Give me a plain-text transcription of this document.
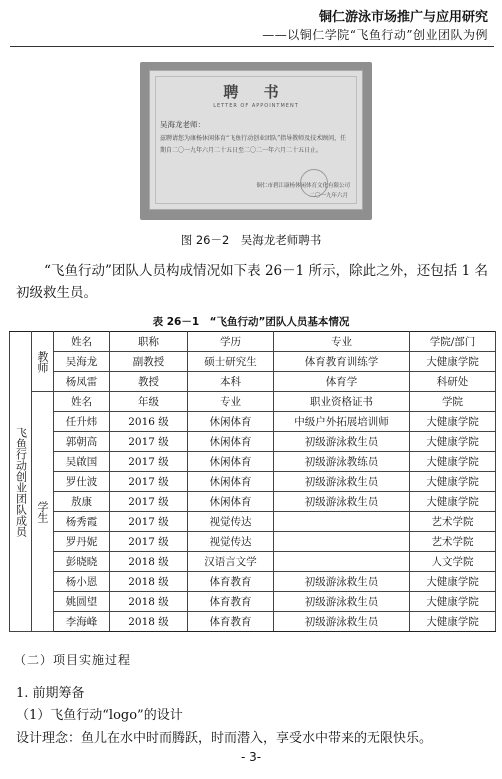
铜仁游泳市场推广与应用研究
——以铜仁学院“飞鱼行动”创业团队为例
聘 书
LETTER OF APPOINTMENT
吴海龙老师：
兹聘请您为康杨休闲体育“飞鱼行动创业团队”指导教师及技术顾问，任期自二〇一九年六月二十五日至二〇二一年六月二十五日止。
铜仁市碧江康杨休闲体育文化有限公司
二〇一九年六月
图 26－2　吴海龙老师聘书
“飞鱼行动”团队人员构成情况如下表 26－1 所示，除此之外，还包括 1 名初级救生员。
表 26－1　“飞鱼行动”团队人员基本情况
飞鱼行动创业团队成员	教师	姓名	职称	学历	专业	学院/部门
		吴海龙	副教授	硕士研究生	体育教育训练学	大健康学院
		杨凤雷	教授	本科	体育学	科研处
	学生	姓名	年级	专业	职业资格证书	学院
		任升炜	2016 级	休闲体育	中级户外拓展培训师	大健康学院
		郭朝高	2017 级	休闲体育	初级游泳救生员	大健康学院
		吴啟国	2017 级	休闲体育	初级游泳教练员	大健康学院
		罗仕波	2017 级	休闲体育	初级游泳救生员	大健康学院
		敖康	2017 级	休闲体育	初级游泳救生员	大健康学院
		杨秀霞	2017 级	视觉传达		艺术学院
		罗丹妮	2017 级	视觉传达		艺术学院
		彭晓晓	2018 级	汉语言文学		人文学院
		杨小恩	2018 级	体育教育	初级游泳救生员	大健康学院
		姚圆望	2018 级	体育教育	初级游泳救生员	大健康学院
		李海峰	2018 级	体育教育	初级游泳救生员	大健康学院
（二）项目实施过程
1. 前期筹备
（1）飞鱼行动“logo”的设计
设计理念：鱼儿在水中时而腾跃，时而潜入，享受水中带来的无限快乐。
- 3-
